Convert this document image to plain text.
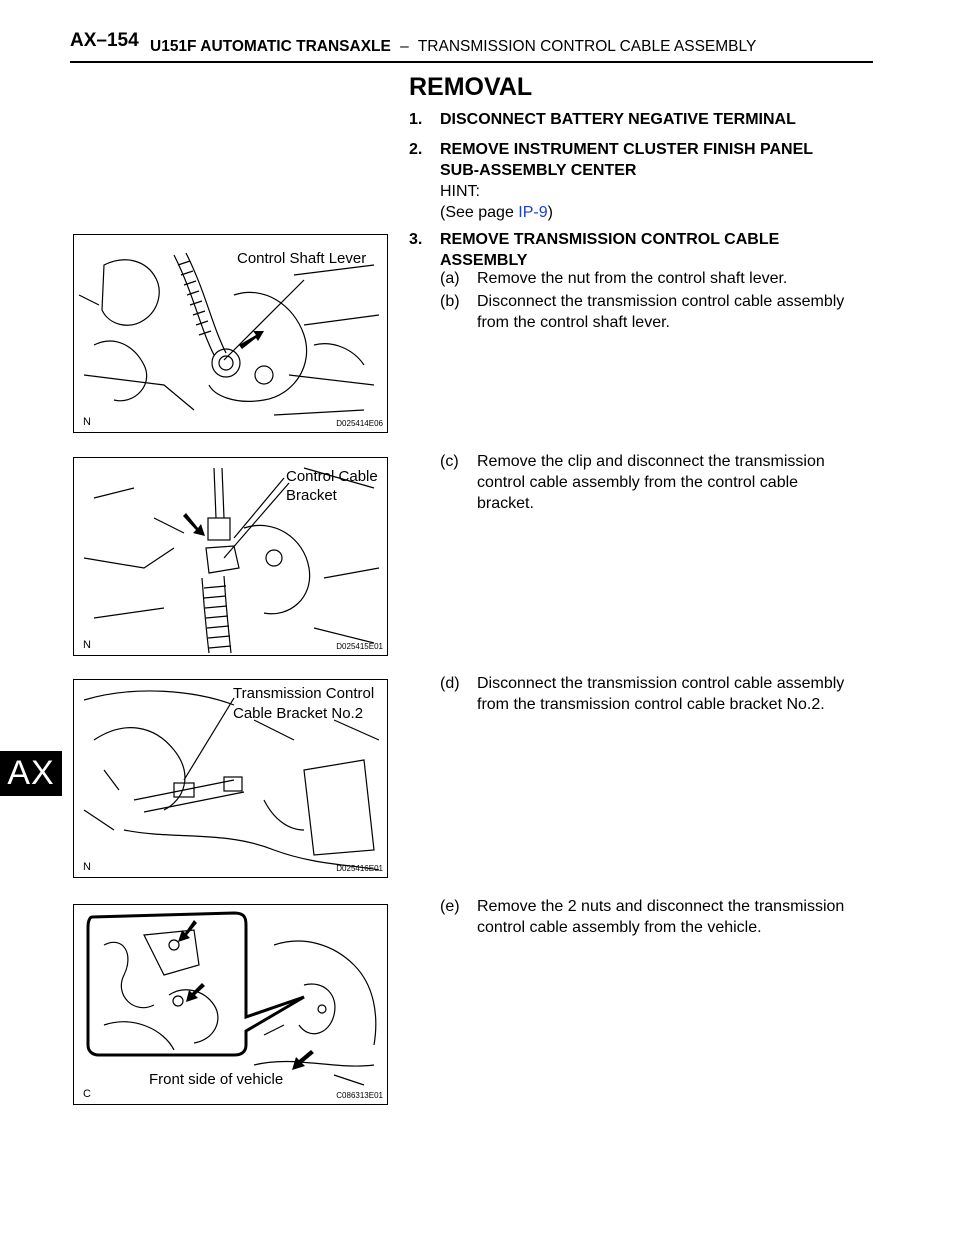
AX–154 U151F AUTOMATIC TRANSAXLE – TRANSMISSION CONTROL CABLE ASSEMBLY
AX
REMOVAL
1. DISCONNECT BATTERY NEGATIVE TERMINAL
2. REMOVE INSTRUMENT CLUSTER FINISH PANEL
SUB-ASSEMBLY CENTER
HINT:
(See page IP-9)
3. REMOVE TRANSMISSION CONTROL CABLE
ASSEMBLY
(a) Remove the nut from the control shaft lever.
(b) Disconnect the transmission control cable assembly
from the control shaft lever.
(c) Remove the clip and disconnect the transmission
control cable assembly from the control cable
bracket.
(d) Disconnect the transmission control cable assembly
from the transmission control cable bracket No.2.
(e) Remove the 2 nuts and disconnect the transmission
control cable assembly from the vehicle.
Control Shaft Lever
N	D025414E06
Control Cable
Bracket
N	D025415E01
Transmission Control
Cable Bracket No.2
N	D025416E01
Front side of vehicle
C	C086313E01
